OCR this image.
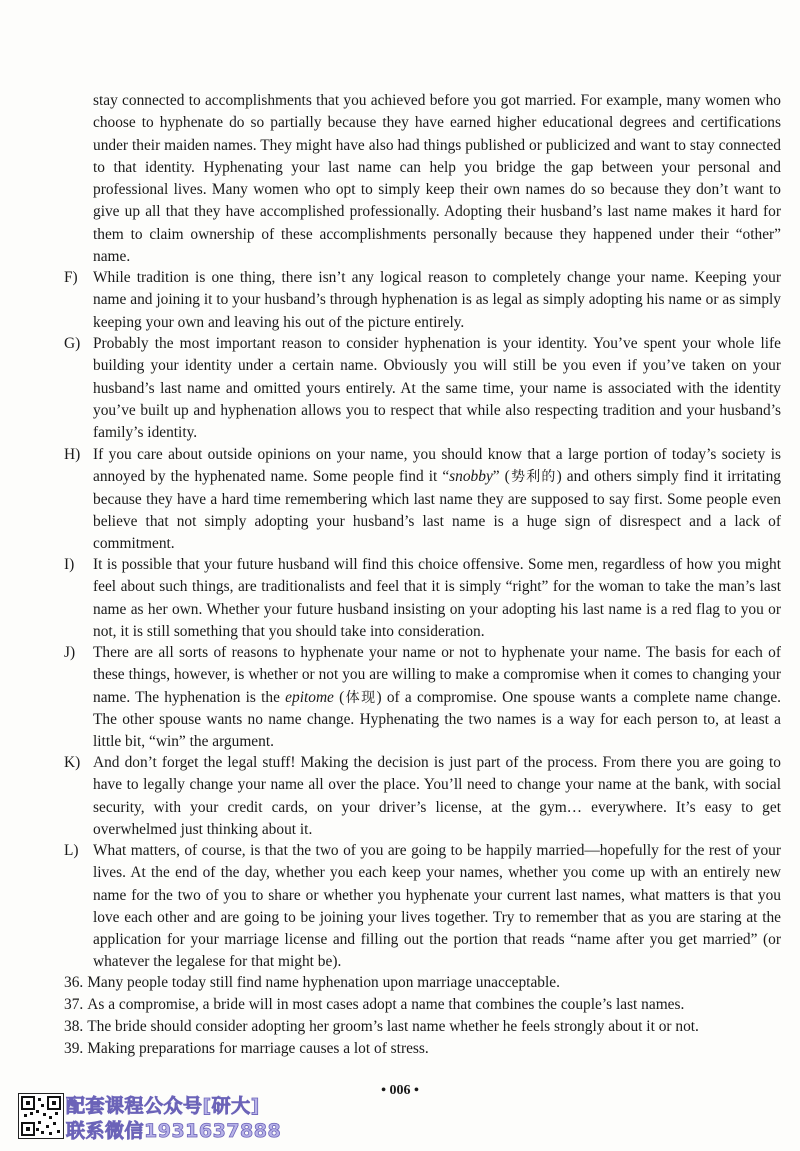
stay connected to accomplishments that you achieved before you got married. For example, many women who choose to hyphenate do so partially because they have earned higher educational degrees and certifications under their maiden names. They might have also had things published or publicized and want to stay connected to that identity. Hyphenating your last name can help you bridge the gap between your personal and professional lives. Many women who opt to simply keep their own names do so because they don’t want to give up all that they have accomplished professionally. Adopting their husband’s last name makes it hard for them to claim ownership of these accomplishments personally because they happened under their “other” name.

F) While tradition is one thing, there isn’t any logical reason to completely change your name. Keeping your name and joining it to your husband’s through hyphenation is as legal as simply adopting his name or as simply keeping your own and leaving his out of the picture entirely.
G) Probably the most important reason to consider hyphenation is your identity. You’ve spent your whole life building your identity under a certain name. Obviously you will still be you even if you’ve taken on your husband’s last name and omitted yours entirely. At the same time, your name is associated with the identity you’ve built up and hyphenation allows you to respect that while also respecting tradition and your husband’s family’s identity.
H) If you care about outside opinions on your name, you should know that a large portion of today’s society is annoyed by the hyphenated name. Some people find it “snobby” (势利的) and others simply find it irritating because they have a hard time remembering which last name they are supposed to say first. Some people even believe that not simply adopting your husband’s last name is a huge sign of disrespect and a lack of commitment.
I)	It is possible that your future husband will find this choice offensive. Some men, regardless of how you might feel about such things, are traditionalists and feel that it is simply “right” for the woman to take the man’s last name as her own. Whether your future husband insisting on your adopting his last name is a red flag to you or not, it is still something that you should take into consideration.
J)	There are all sorts of reasons to hyphenate your name or not to hyphenate your name. The basis for each of these things, however, is whether or not you are willing to make a compromise when it comes to changing your name. The hyphenation is the epitome (体现) of a compromise. One spouse wants a complete name change. The other spouse wants no name change. Hyphenating the two names is a way for each person to, at least a little bit, “win” the argument.
K) And don’t forget the legal stuff! Making the decision is just part of the process. From there you are going to have to legally change your name all over the place. You’ll need to change your name at the bank, with social security, with your credit cards, on your driver’s license, at the gym… everywhere. It’s easy to get overwhelmed just thinking about it.
L) What matters, of course, is that the two of you are going to be happily married—hopefully for the rest of your lives. At the end of the day, whether you each keep your names, whether you come up with an entirely new name for the two of you to share or whether you hyphenate your current last names, what matters is that you love each other and are going to be joining your lives together. Try to remember that as you are staring at the application for your marriage license and filling out the portion that reads “name after you get married” (or whatever the legalese for that might be).
36. Many people today still find name hyphenation upon marriage unacceptable.
37. As a compromise, a bride will in most cases adopt a name that combines the couple’s last names.
38. The bride should consider adopting her groom’s last name whether he feels strongly about it or not.
39. Making preparations for marriage causes a lot of stress.
• 006 •
配套课程公众号[研大]
联系微信1931637888
